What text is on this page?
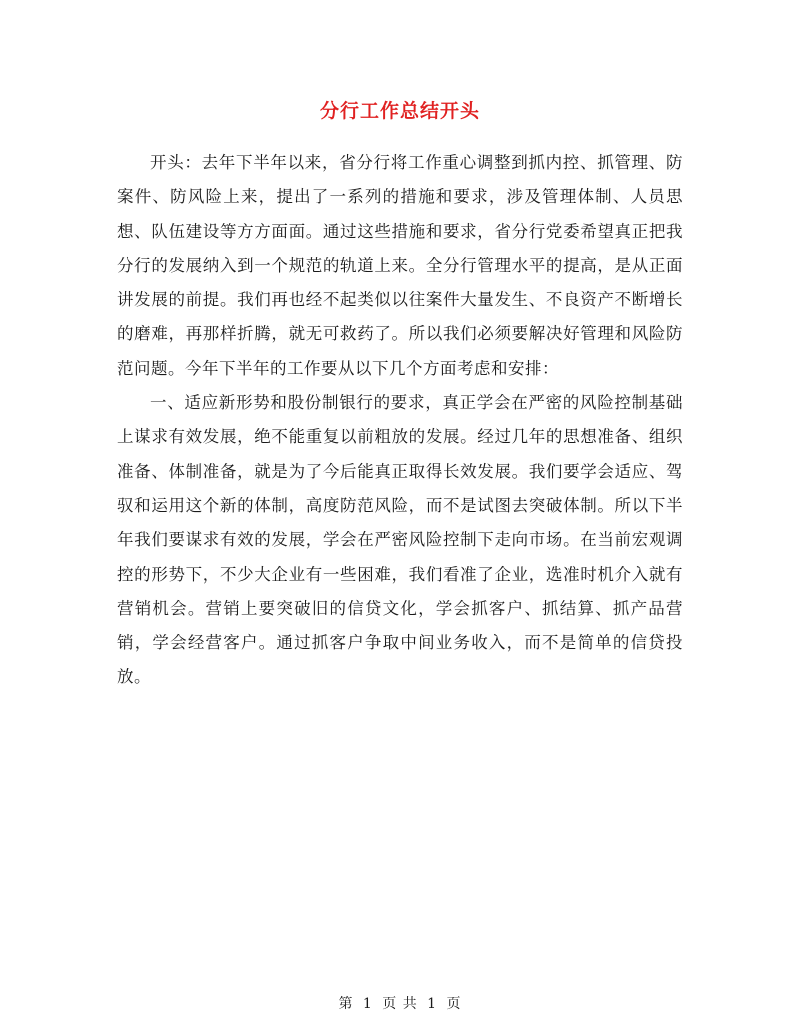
分行工作总结开头

开头：去年下半年以来，省分行将工作重心调整到抓内控、抓管理、防案件、防风险上来，提出了一系列的措施和要求，涉及管理体制、人员思想、队伍建设等方方面面。通过这些措施和要求，省分行党委希望真正把我分行的发展纳入到一个规范的轨道上来。全分行管理水平的提高，是从正面讲发展的前提。我们再也经不起类似以往案件大量发生、不良资产不断增长的磨难，再那样折腾，就无可救药了。所以我们必须要解决好管理和风险防范问题。今年下半年的工作要从以下几个方面考虑和安排：

一、适应新形势和股份制银行的要求，真正学会在严密的风险控制基础上谋求有效发展，绝不能重复以前粗放的发展。经过几年的思想准备、组织准备、体制准备，就是为了今后能真正取得长效发展。我们要学会适应、驾驭和运用这个新的体制，高度防范风险，而不是试图去突破体制。所以下半年我们要谋求有效的发展，学会在严密风险控制下走向市场。在当前宏观调控的形势下，不少大企业有一些困难，我们看准了企业，选准时机介入就有营销机会。营销上要突破旧的信贷文化，学会抓客户、抓结算、抓产品营销，学会经营客户。通过抓客户争取中间业务收入，而不是简单的信贷投放。

第 1 页 共 1 页
